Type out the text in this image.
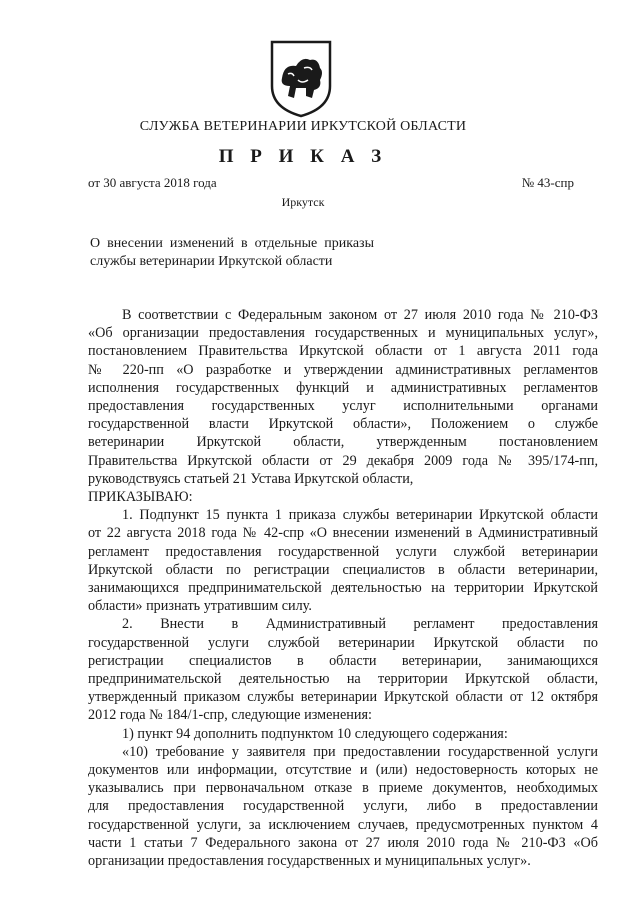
СЛУЖБА ВЕТЕРИНАРИИ ИРКУТСКОЙ ОБЛАСТИ
П Р И К А З
от 30 августа 2018 года	№ 43-спр
Иркутск
О внесении изменений в отдельные приказы службы ветеринарии Иркутской области
В соответствии с Федеральным законом от 27 июля 2010 года № 210-ФЗ
«Об организации предоставления государственных и муниципальных услуг»,
постановлением Правительства Иркутской области от 1 августа 2011 года
№ 220-пп «О разработке и утверждении административных регламентов
исполнения государственных функций и административных регламентов
предоставления государственных услуг исполнительными органами
государственной власти Иркутской области», Положением о службе
ветеринарии Иркутской области, утвержденным постановлением
Правительства Иркутской области от 29 декабря 2009 года № 395/174-пп,
руководствуясь статьей 21 Устава Иркутской области,
ПРИКАЗЫВАЮ:
1. Подпункт 15 пункта 1 приказа службы ветеринарии Иркутской области
от 22 августа 2018 года № 42-спр «О внесении изменений в Административный
регламент предоставления государственной услуги службой ветеринарии
Иркутской области по регистрации специалистов в области ветеринарии,
занимающихся предпринимательской деятельностью на территории Иркутской
области» признать утратившим силу.
2. Внести в Административный регламент предоставления
государственной услуги службой ветеринарии Иркутской области по
регистрации специалистов в области ветеринарии, занимающихся
предпринимательской деятельностью на территории Иркутской области,
утвержденный приказом службы ветеринарии Иркутской области от 12 октября
2012 года № 184/1-спр, следующие изменения:
1) пункт 94 дополнить подпунктом 10 следующего содержания:
«10) требование у заявителя при предоставлении государственной услуги
документов или информации, отсутствие и (или) недостоверность которых не
указывались при первоначальном отказе в приеме документов, необходимых
для предоставления государственной услуги, либо в предоставлении
государственной услуги, за исключением случаев, предусмотренных пунктом 4
части 1 статьи 7 Федерального закона от 27 июля 2010 года № 210-ФЗ «Об
организации предоставления государственных и муниципальных услуг».
